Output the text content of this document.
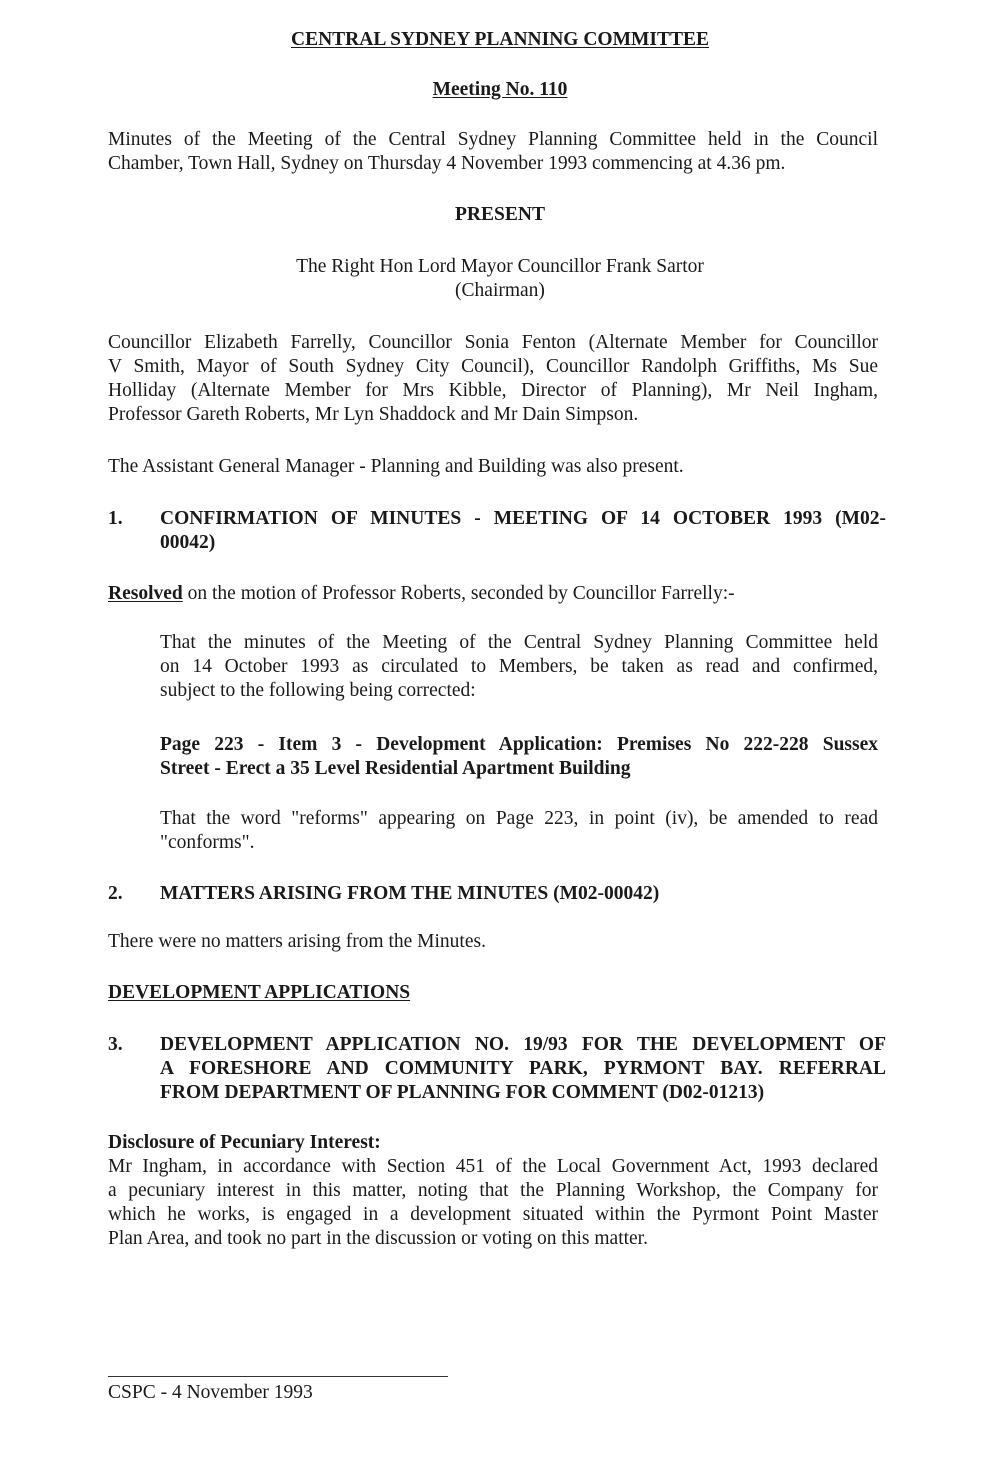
CENTRAL SYDNEY PLANNING COMMITTEE

Meeting No. 110

Minutes of the Meeting of the Central Sydney Planning Committee held in the Council
Chamber, Town Hall, Sydney on Thursday 4 November 1993 commencing at 4.36 pm.

PRESENT

The Right Hon Lord Mayor Councillor Frank Sartor
(Chairman)
Councillor Elizabeth Farrelly, Councillor Sonia Fenton (Alternate Member for Councillor
V Smith, Mayor of South Sydney City Council), Councillor Randolph Griffiths, Ms Sue
Holliday (Alternate Member for Mrs Kibble, Director of Planning), Mr Neil Ingham,
Professor Gareth Roberts, Mr Lyn Shaddock and Mr Dain Simpson.

The Assistant General Manager - Planning and Building was also present.

1. CONFIRMATION OF MINUTES - MEETING OF 14 OCTOBER 1993 (M02-
00042)

Resolved on the motion of Professor Roberts, seconded by Councillor Farrelly:-

That the minutes of the Meeting of the Central Sydney Planning Committee held
on 14 October 1993 as circulated to Members, be taken as read and confirmed,
subject to the following being corrected:
Page 223 - Item 3 - Development Application: Premises No 222-228 Sussex
Street - Erect a 35 Level Residential Apartment Building
That the word "reforms" appearing on Page 223, in point (iv), be amended to read
"conforms".
2. MATTERS ARISING FROM THE MINUTES (M02-00042)

There were no matters arising from the Minutes.

DEVELOPMENT APPLICATIONS

3. DEVELOPMENT APPLICATION NO. 19/93 FOR THE DEVELOPMENT OF
A FORESHORE AND COMMUNITY PARK, PYRMONT BAY. REFERRAL
FROM DEPARTMENT OF PLANNING FOR COMMENT (D02-01213)

Disclosure of Pecuniary Interest:

Mr Ingham, in accordance with Section 451 of the Local Government Act, 1993 declared
a pecuniary interest in this matter, noting that the Planning Workshop, the Company for
which he works, is engaged in a development situated within the Pyrmont Point Master
Plan Area, and took no part in the discussion or voting on this matter.

CSPC - 4 November 1993
